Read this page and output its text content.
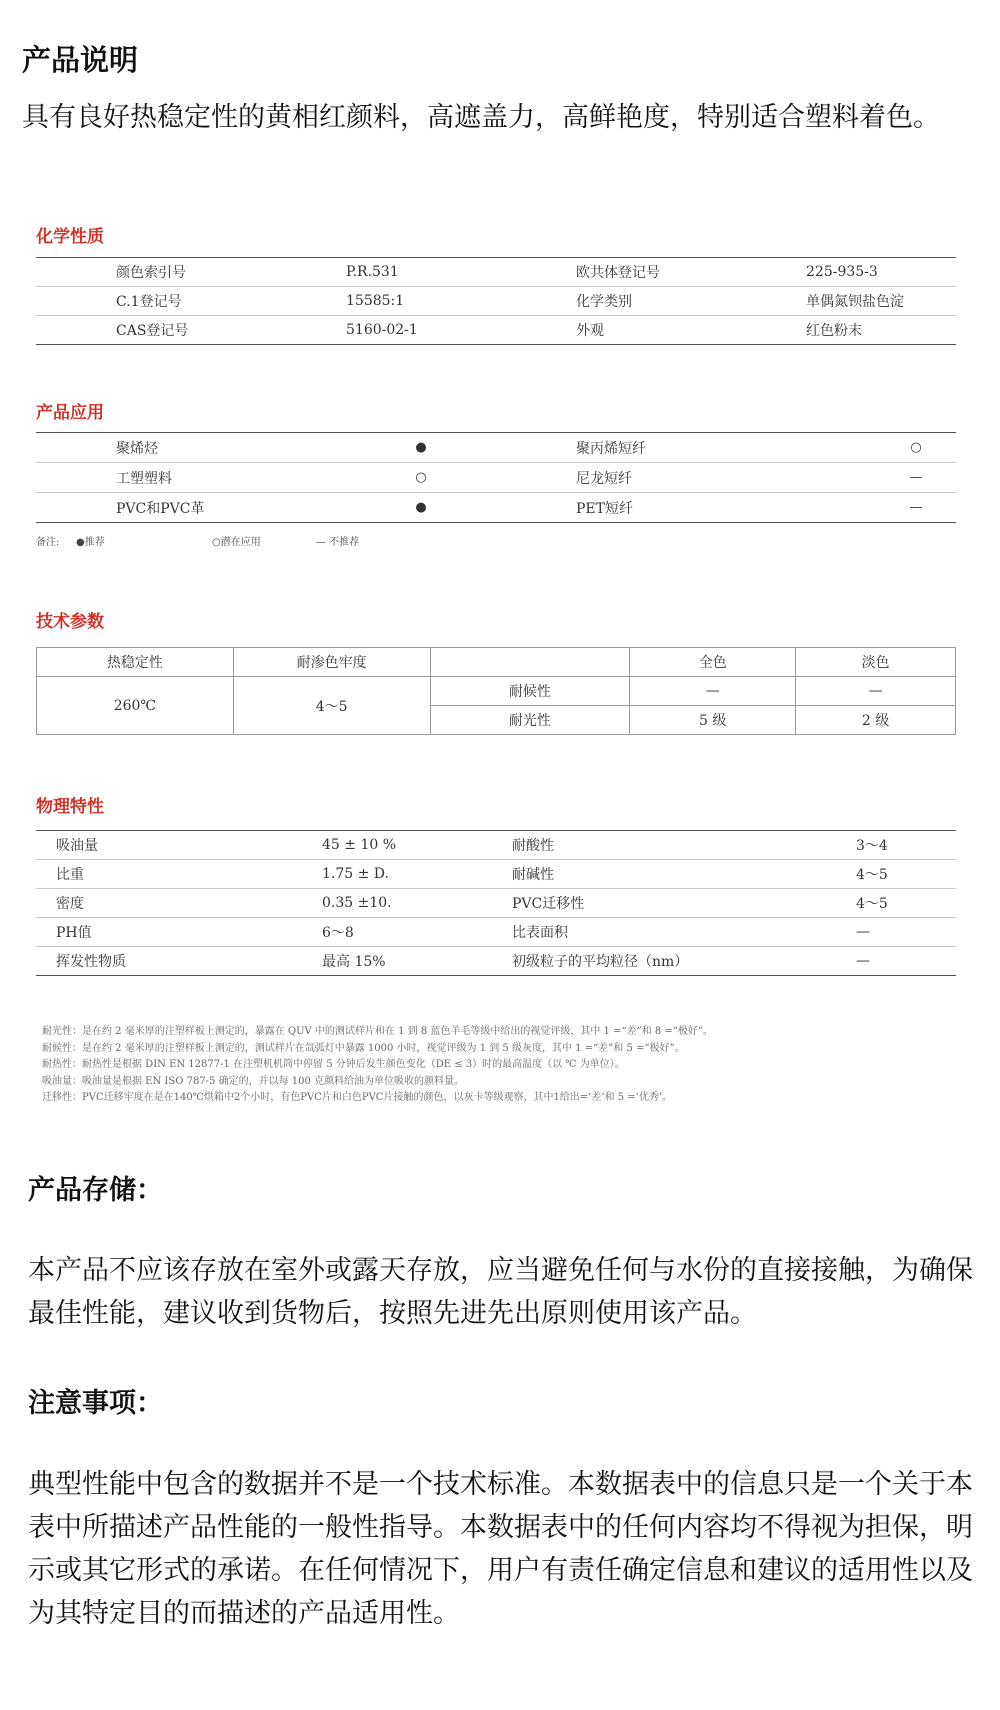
产品说明

具有良好热稳定性的黄相红颜料，高遮盖力，高鲜艳度，特别适合塑料着色。

化学性质
	颜色索引号	P.R.531		欧共体登记号	225-935-3
	C.1登记号	15585:1		化学类别	单偶氮钡盐色淀
	CAS登记号	5160-02-1		外观	红色粉末
产品应用
	聚烯烃	●		聚丙烯短纤	○
	工塑塑料	○		尼龙短纤	—
	PVC和PVC革	●		PET短纤	—
备注: ●推荐	○潜在应用	— 不推荐
技术参数
热稳定性	耐渗色牢度		全色	淡色
260℃	4～5	耐候性	—	—
		耐光性	5 级	2 级
物理特性
	吸油量	45 ± 10 %	耐酸性	3～4
	比重	1.75 ± D.	耐碱性	4～5
	密度	0.35 ±10.	PVC迁移性	4～5
	PH值	6～8	比表面积	—
	挥发性物质	最高 15%	初级粒子的平均粒径（nm）	—
耐光性：是在约 2 毫米厚的注塑样板上测定的，暴露在 QUV 中的测试样片和在 1 到 8 蓝色羊毛等级中给出的视觉评级，其中 1 =“差”和 8 =“极好”。
耐候性：是在约 2 毫米厚的注塑样板上测定的，测试样片在氙弧灯中暴露 1000 小时，视觉评级为 1 到 5 级灰度，其中 1 =“差”和 5 =“极好”。
耐热性：耐热性是根据 DIN EN 12877-1 在注塑机机筒中停留 5 分钟后发生颜色变化（DE ≤ 3）时的最高温度（以 ℃ 为单位）。
吸油量：吸油量是根据 EN ISO 787-5 确定的，并以每 100 克颜料给油为单位吸收的颜料量。
迁移性：PVC迁移牢度在是在140℃烘箱中2个小时，有色PVC片和白色PVC片接触的颜色，以灰卡等级观察，其中1给出=‘差’和 5 =‘优秀’。
产品存储：

本产品不应该存放在室外或露天存放，应当避免任何与水份的直接接触，为确保最佳性能，建议收到货物后，按照先进先出原则使用该产品。

注意事项：

典型性能中包含的数据并不是一个技术标准。本数据表中的信息只是一个关于本表中所描述产品性能的一般性指导。本数据表中的任何内容均不得视为担保，明示或其它形式的承诺。在任何情况下，用户有责任确定信息和建议的适用性以及为其特定目的而描述的产品适用性。
